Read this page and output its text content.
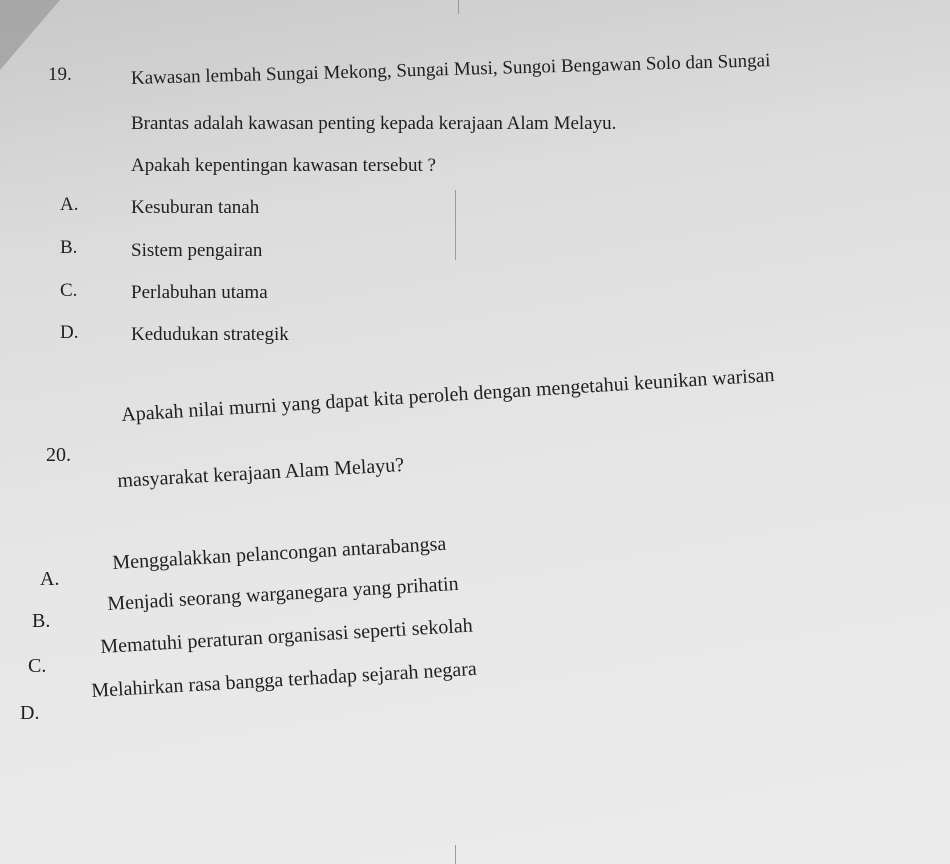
19.	Kawasan lembah Sungai Mekong, Sungai Musi, Sungoi Bengawan Solo dan Sungai
Brantas adalah kawasan penting kepada kerajaan Alam Melayu.
Apakah kepentingan kawasan tersebut ?
A.	Kesuburan tanah
B.	Sistem pengairan
C.	Perlabuhan utama
D.	Kedudukan strategik
20.
Apakah nilai murni yang dapat kita peroleh dengan mengetahui keunikan warisan
masyarakat kerajaan Alam Melayu?
A.
Menggalakkan pelancongan antarabangsa
B.
Menjadi seorang warganegara yang prihatin
C.
Mematuhi peraturan organisasi seperti sekolah
D.
Melahirkan rasa bangga terhadap sejarah negara
